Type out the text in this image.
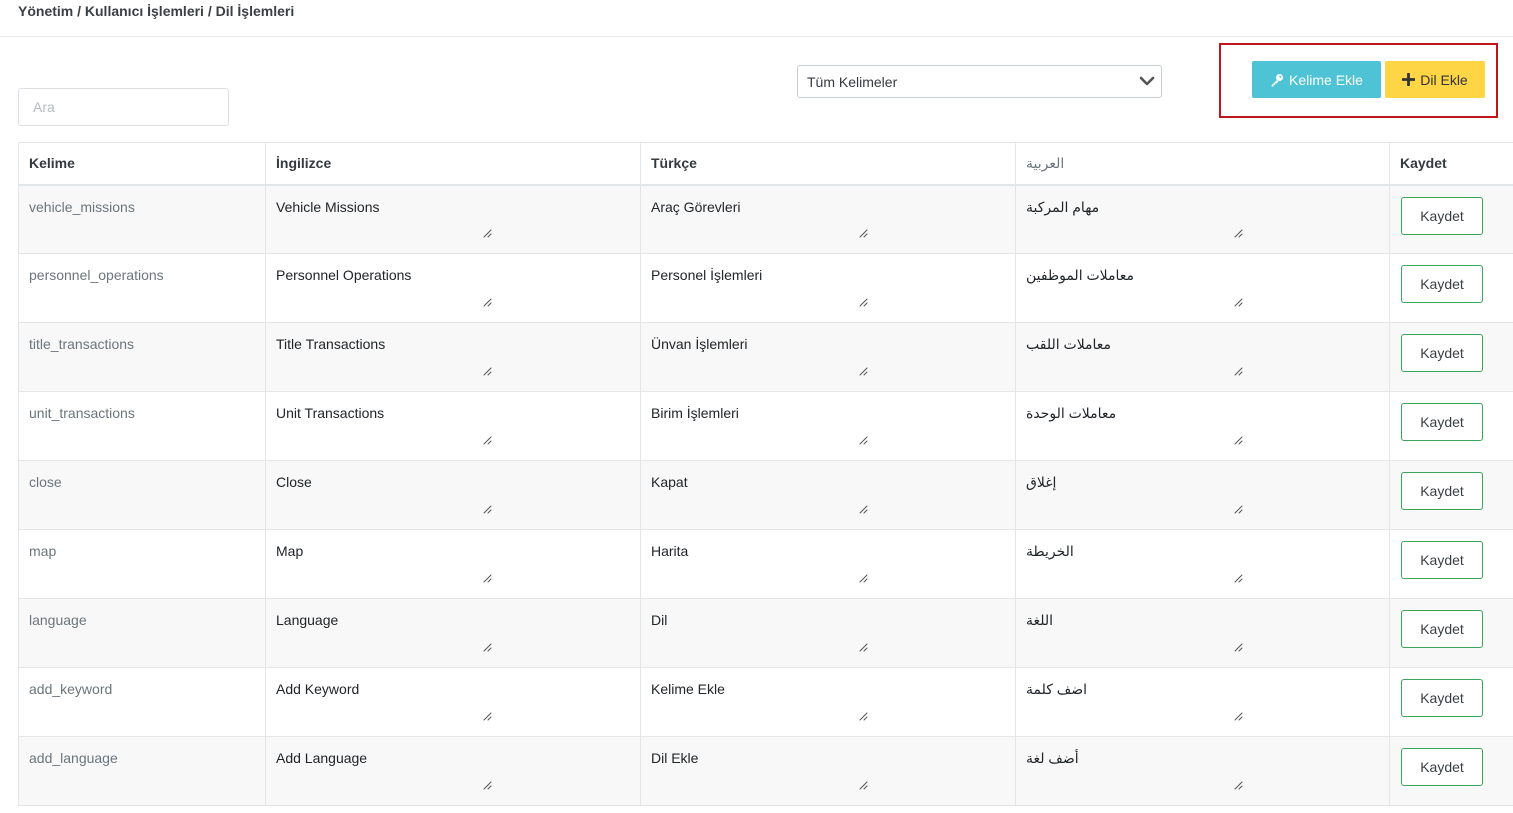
Yönetim / Kullanıcı İşlemleri / Dil İşlemleri
Ara
Tüm Kelimeler	Kelime Ekle	Dil Ekle
Kelime	İngilizce	Türkçe	العربية	Kaydet
vehicle_missions	Vehicle Missions	Araç Görevleri	مهام المركبة	Kaydet
personnel_operations	Personnel Operations	Personel İşlemleri	معاملات الموظفين	Kaydet
title_transactions	Title Transactions	Ünvan İşlemleri	معاملات اللقب	Kaydet
unit_transactions	Unit Transactions	Birim İşlemleri	معاملات الوحدة	Kaydet
close	Close	Kapat	إغلاق	Kaydet
map	Map	Harita	الخريطة	Kaydet
language	Language	Dil	اللغة	Kaydet
add_keyword	Add Keyword	Kelime Ekle	اضف كلمة	Kaydet
add_language	Add Language	Dil Ekle	أضف لغة	Kaydet
